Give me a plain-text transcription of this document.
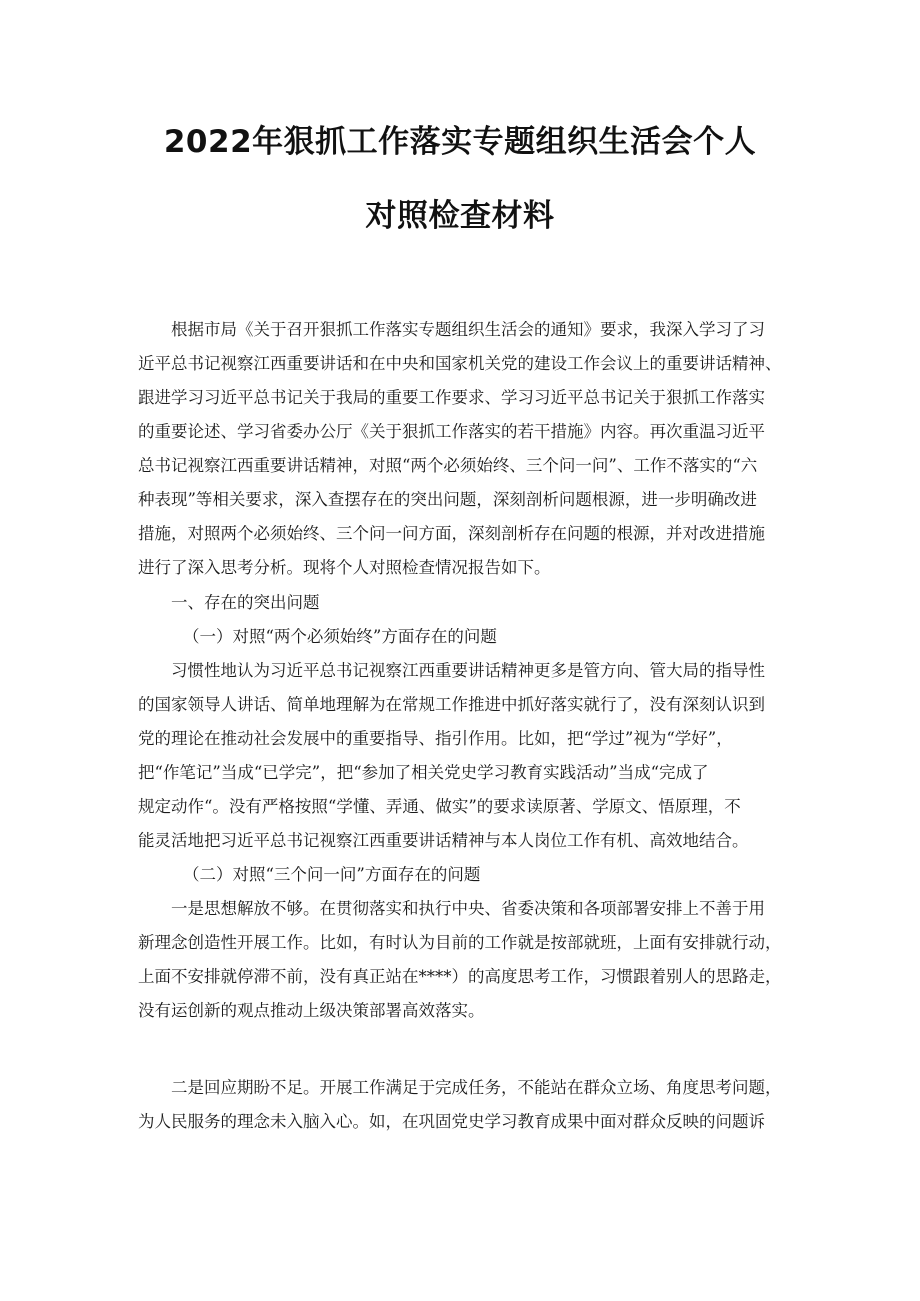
2022年狠抓工作落实专题组织生活会个人
对照检查材料
根据市局《关于召开狠抓工作落实专题组织生活会的通知》要求，我深入学习了习
近平总书记视察江西重要讲话和在中央和国家机关党的建设工作会议上的重要讲话精神、
跟进学习习近平总书记关于我局的重要工作要求、学习习近平总书记关于狠抓工作落实
的重要论述、学习省委办公厅《关于狠抓工作落实的若干措施》内容。再次重温习近平
总书记视察江西重要讲话精神，对照“两个必须始终、三个问一问”、工作不落实的“六
种表现”等相关要求，深入查摆存在的突出问题，深刻剖析问题根源，进一步明确改进
措施，对照两个必须始终、三个问一问方面，深刻剖析存在问题的根源，并对改进措施
进行了深入思考分析。现将个人对照检查情况报告如下。
一、存在的突出问题
（一）对照“两个必须始终”方面存在的问题
习惯性地认为习近平总书记视察江西重要讲话精神更多是管方向、管大局的指导性
的国家领导人讲话、简单地理解为在常规工作推进中抓好落实就行了，没有深刻认识到
党的理论在推动社会发展中的重要指导、指引作用。比如，把“学过”视为“学好”，
把“作笔记”当成“已学完”，把“参加了相关党史学习教育实践活动”当成“完成了
规定动作“。没有严格按照“学懂、弄通、做实”的要求读原著、学原文、悟原理，不
能灵活地把习近平总书记视察江西重要讲话精神与本人岗位工作有机、高效地结合。
（二）对照“三个问一问”方面存在的问题
一是思想解放不够。在贯彻落实和执行中央、省委决策和各项部署安排上不善于用
新理念创造性开展工作。比如，有时认为目前的工作就是按部就班，上面有安排就行动，
上面不安排就停滞不前，没有真正站在****）的高度思考工作，习惯跟着别人的思路走，
没有运创新的观点推动上级决策部署高效落实。
二是回应期盼不足。开展工作满足于完成任务，不能站在群众立场、角度思考问题，
为人民服务的理念未入脑入心。如，在巩固党史学习教育成果中面对群众反映的问题诉
